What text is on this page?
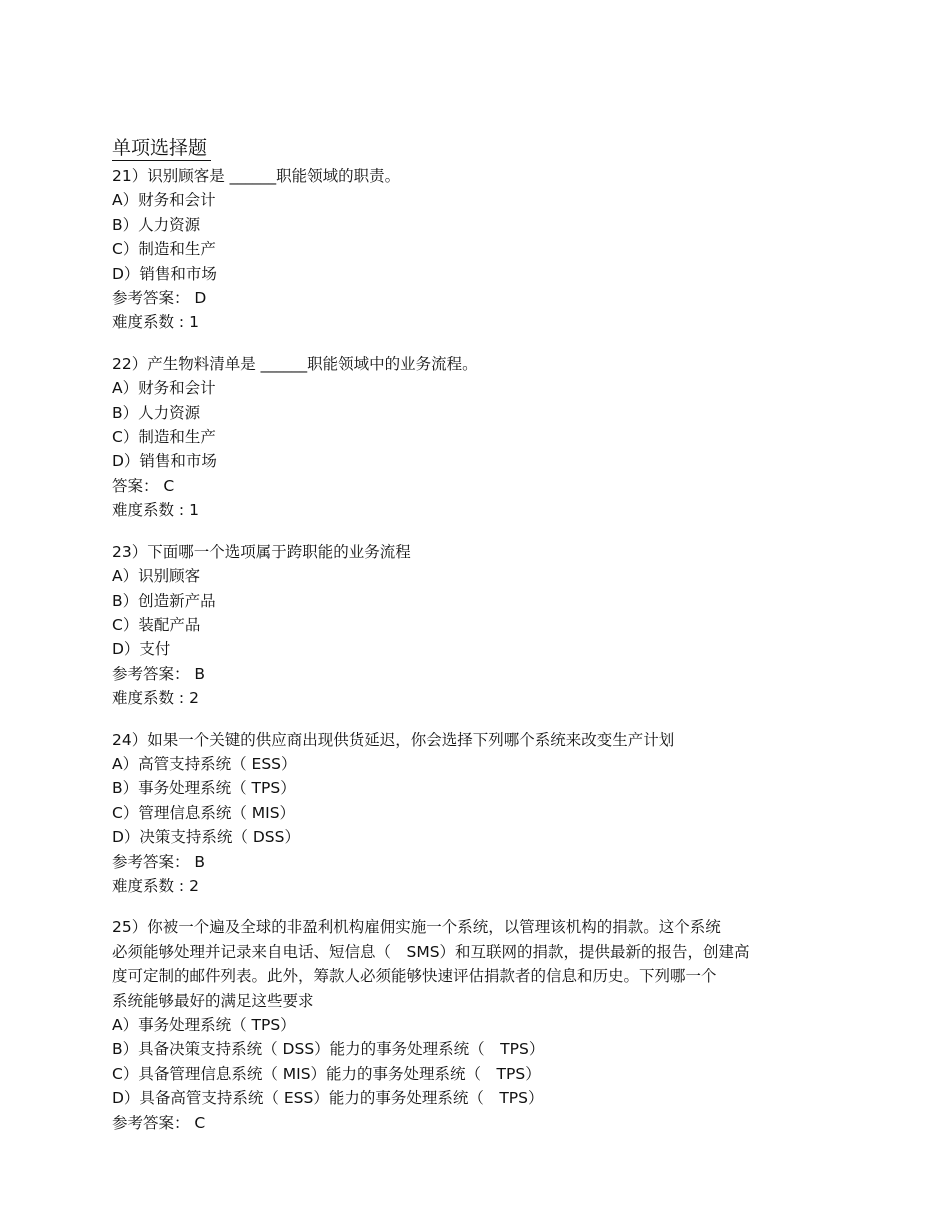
单项选择题
21）识别顾客是 ______职能领域的职责。
A）财务和会计
B）人力资源
C）制造和生产
D）销售和市场
参考答案： D
难度系数 : 1
22）产生物料清单是 ______职能领域中的业务流程。
A）财务和会计
B）人力资源
C）制造和生产
D）销售和市场
答案： C
难度系数 : 1
23）下面哪一个选项属于跨职能的业务流程
A）识别顾客
B）创造新产品
C）装配产品
D）支付
参考答案： B
难度系数 : 2
24）如果一个关键的供应商出现供货延迟，你会选择下列哪个系统来改变生产计划
A）高管支持系统（ ESS）
B）事务处理系统（ TPS）
C）管理信息系统（ MIS）
D）决策支持系统（ DSS）
参考答案： B
难度系数 : 2
25）你被一个遍及全球的非盈利机构雇佣实施一个系统，以管理该机构的捐款。这个系统
必须能够处理并记录来自电话、短信息（　SMS）和互联网的捐款，提供最新的报告，创建高
度可定制的邮件列表。此外，筹款人必须能够快速评估捐款者的信息和历史。下列哪一个
系统能够最好的满足这些要求
A）事务处理系统（ TPS）
B）具备决策支持系统（ DSS）能力的事务处理系统（　TPS）
C）具备管理信息系统（ MIS）能力的事务处理系统（　TPS）
D）具备高管支持系统（ ESS）能力的事务处理系统（　TPS）
参考答案： C
